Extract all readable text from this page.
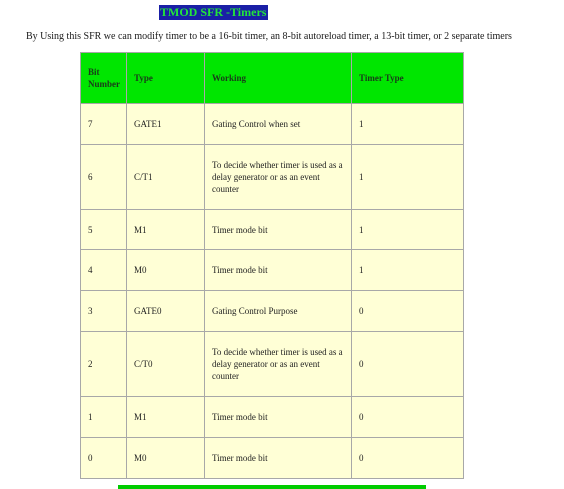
TMOD SFR -Timers
By Using this SFR we can modify timer to be a 16-bit timer, an 8-bit autoreload timer, a 13-bit timer, or 2 separate timers
Bit Number	Type	Working	Timer Type
7	GATE1	Gating Control when set	1
6	C/T1	To decide whether timer is used as a delay generator or as an event counter	1
5	M1	Timer mode bit	1
4	M0	Timer mode bit	1
3	GATE0	Gating Control Purpose	0
2	C/T0	To decide whether timer is used as a delay generator or as an event counter	0
1	M1	Timer mode bit	0
0	M0	Timer mode bit	0
